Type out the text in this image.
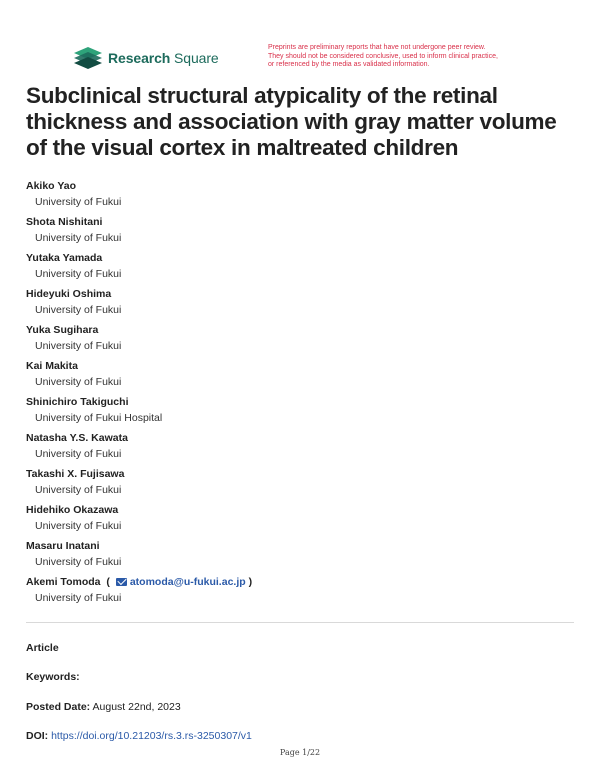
Research Square
Preprints are preliminary reports that have not undergone peer review.
They should not be considered conclusive, used to inform clinical practice,
or referenced by the media as validated information.
Subclinical structural atypicality of the retinal thickness and association with gray matter volume of the visual cortex in maltreated children
Akiko Yao
University of Fukui
Shota Nishitani
University of Fukui
Yutaka Yamada
University of Fukui
Hideyuki Oshima
University of Fukui
Yuka Sugihara
University of Fukui
Kai Makita
University of Fukui
Shinichiro Takiguchi
University of Fukui Hospital
Natasha Y.S. Kawata
University of Fukui
Takashi X. Fujisawa
University of Fukui
Hidehiko Okazawa
University of Fukui
Masaru Inatani
University of Fukui
Akemi Tomoda ( atomoda@u-fukui.ac.jp )
University of Fukui
Article
Keywords:
Posted Date: August 22nd, 2023
DOI: https://doi.org/10.21203/rs.3.rs-3250307/v1
Page 1/22
